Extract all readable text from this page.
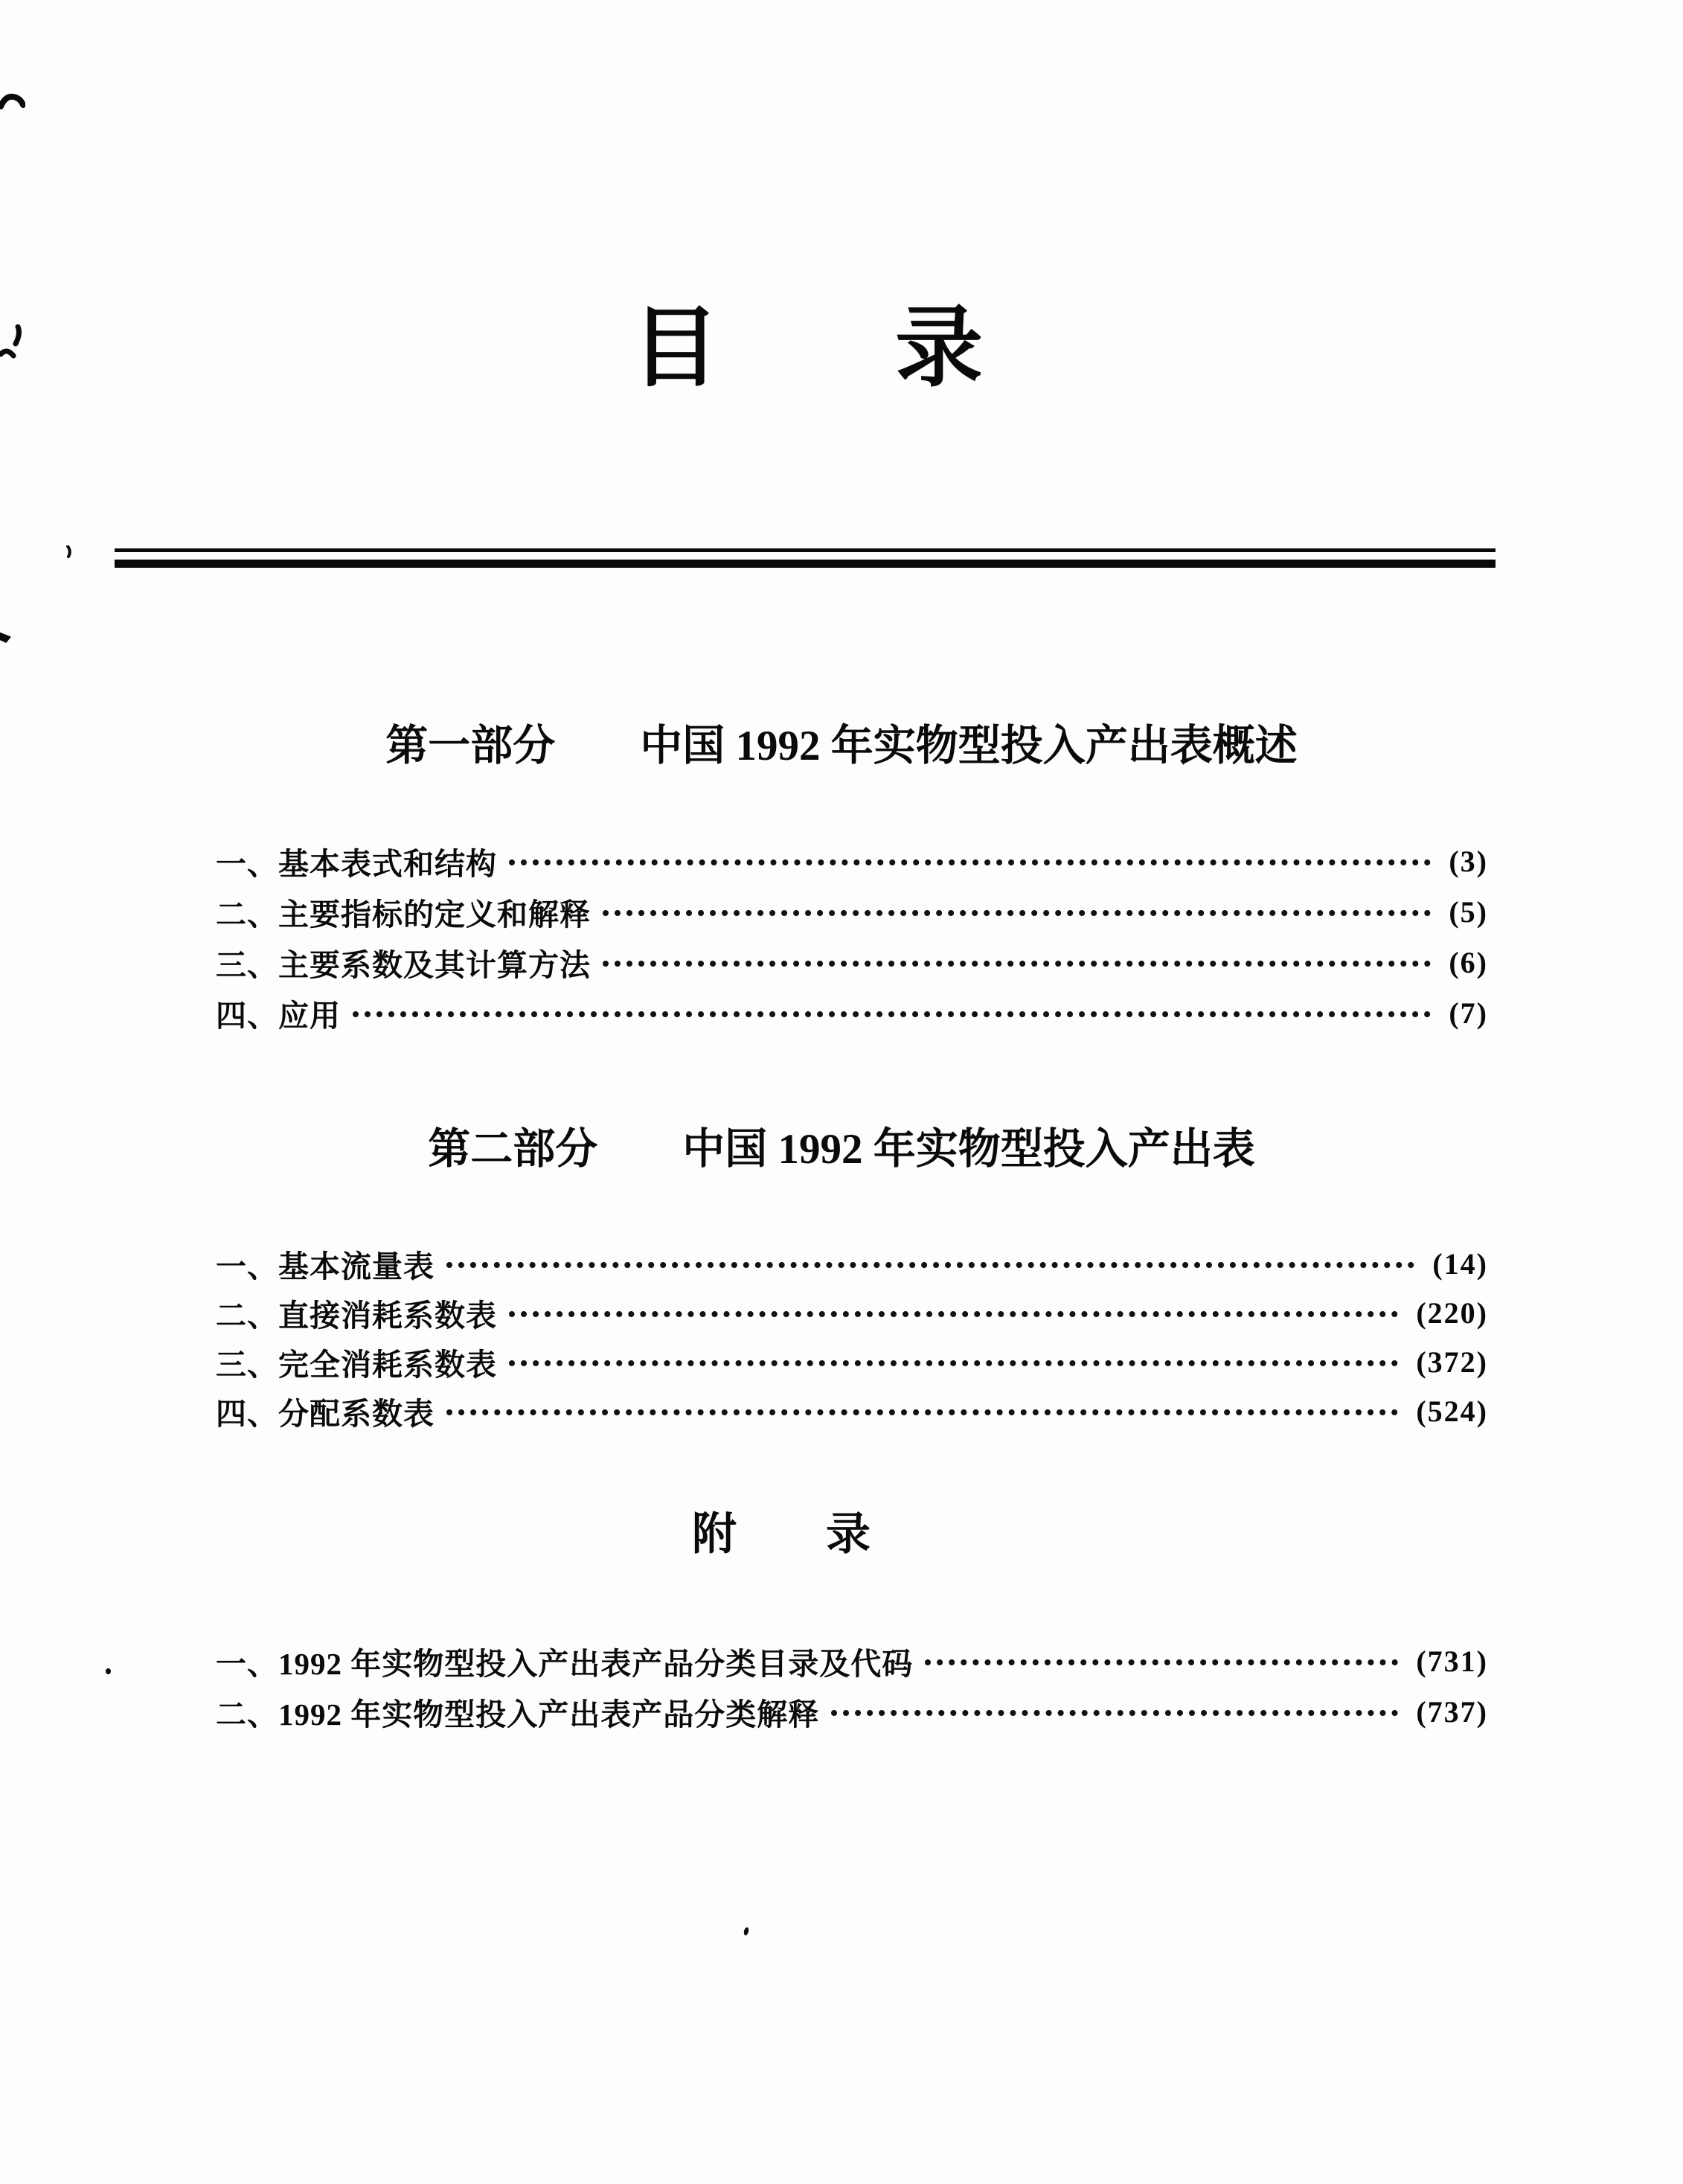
目　　录
第一部分　　中国 1992 年实物型投入产出表概述
一、基本表式和结构	(3)
二、主要指标的定义和解释	(5)
三、主要系数及其计算方法	(6)
四、应用	(7)
第二部分　　中国 1992 年实物型投入产出表
一、基本流量表	(14)
二、直接消耗系数表	(220)
三、完全消耗系数表	(372)
四、分配系数表	(524)
附　　录
一、1992 年实物型投入产出表产品分类目录及代码	(731)
二、1992 年实物型投入产出表产品分类解释	(737)
